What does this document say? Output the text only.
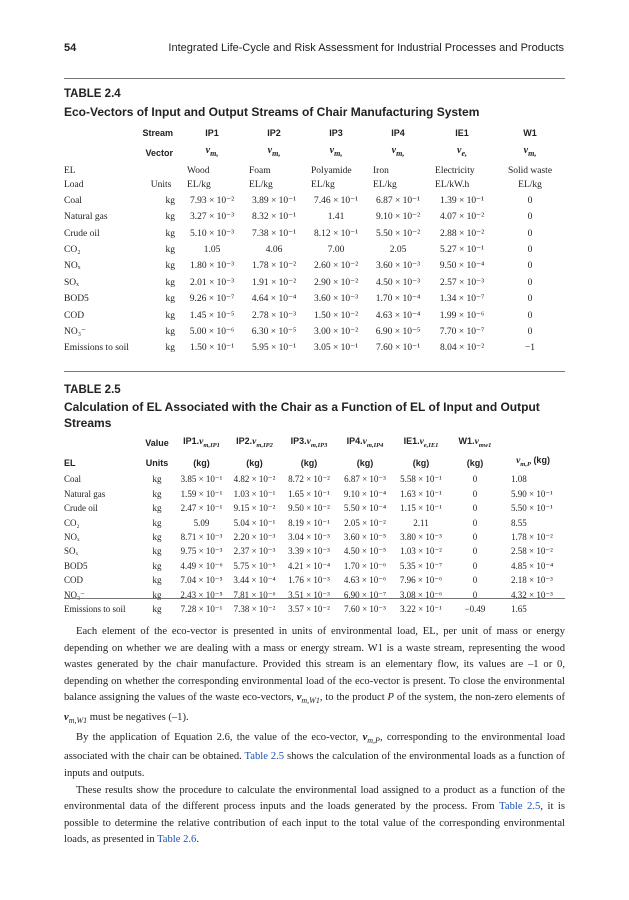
54	Integrated Life-Cycle and Risk Assessment for Industrial Processes and Products
TABLE 2.4
Eco-Vectors of Input and Output Streams of Chair Manufacturing System
Stream		IP1	IP2	IP3	IP4	IE1	W1
Vector		$v_{m,}$	$v_{m,}$	$v_{m,}$	$v_{m,}$	$v_{e,}$	$v_{m,}$
EL		Wood	Foam	Polyamide	Iron	Electricity	Solid waste
Load	Units	EL/kg	EL/kg	EL/kg	EL/kg	EL/kW.h	EL/kg
Coal	kg	7.93 × 10⁻²	3.89 × 10⁻¹	7.46 × 10⁻¹	6.87 × 10⁻¹	1.39 × 10⁻¹	0
Natural gas	kg	3.27 × 10⁻³	8.32 × 10⁻¹	1.41	9.10 × 10⁻²	4.07 × 10⁻²	0
Crude oil	kg	5.10 × 10⁻³	7.38 × 10⁻¹	8.12 × 10⁻¹	5.50 × 10⁻²	2.88 × 10⁻²	0
CO₂	kg	1.05	4.06	7.00	2.05	5.27 × 10⁻¹	0
NOₓ	kg	1.80 × 10⁻³	1.78 × 10⁻²	2.60 × 10⁻²	3.60 × 10⁻³	9.50 × 10⁻⁴	0
SOₓ	kg	2.01 × 10⁻³	1.91 × 10⁻²	2.90 × 10⁻²	4.50 × 10⁻³	2.57 × 10⁻³	0
BOD5	kg	9.26 × 10⁻⁷	4.64 × 10⁻⁴	3.60 × 10⁻³	1.70 × 10⁻⁴	1.34 × 10⁻⁷	0
COD	kg	1.45 × 10⁻⁵	2.78 × 10⁻³	1.50 × 10⁻²	4.63 × 10⁻⁴	1.99 × 10⁻⁶	0
NO₃⁻	kg	5.00 × 10⁻⁶	6.30 × 10⁻⁵	3.00 × 10⁻²	6.90 × 10⁻⁵	7.70 × 10⁻⁷	0
Emissions to soil	kg	1.50 × 10⁻¹	5.95 × 10⁻¹	3.05 × 10⁻¹	7.60 × 10⁻¹	8.04 × 10⁻²	−1
TABLE 2.5
Calculation of EL Associated with the Chair as a Function of EL of Input and Output Streams
	Value	$IP1.v_{m,IP1}$	$IP2.v_{m,IP2}$	$IP3.v_{m,IP3}$	$IP4.v_{m,IP4}$	$IE1.v_{e,IE1}$	$W1.v_{mw1}$	
EL	Units	(kg)	(kg)	(kg)	(kg)	(kg)	(kg)	$v_{m,P}$ (kg)
Coal	kg	3.85 × 10⁻¹	4.82 × 10⁻²	8.72 × 10⁻²	6.87 × 10⁻³	5.58 × 10⁻¹	0	1.08
Natural gas	kg	1.59 × 10⁻¹	1.03 × 10⁻¹	1.65 × 10⁻¹	9.10 × 10⁻⁴	1.63 × 10⁻¹	0	5.90 × 10⁻¹
Crude oil	kg	2.47 × 10⁻¹	9.15 × 10⁻²	9.50 × 10⁻²	5.50 × 10⁻⁴	1.15 × 10⁻¹	0	5.50 × 10⁻¹
CO₂	kg	5.09	5.04 × 10⁻¹	8.19 × 10⁻¹	2.05 × 10⁻²	2.11	0	8.55
NOₓ	kg	8.71 × 10⁻³	2.20 × 10⁻³	3.04 × 10⁻³	3.60 × 10⁻⁵	3.80 × 10⁻³	0	1.78 × 10⁻²
SOₓ	kg	9.75 × 10⁻³	2.37 × 10⁻³	3.39 × 10⁻³	4.50 × 10⁻⁵	1.03 × 10⁻²	0	2.58 × 10⁻²
BOD5	kg	4.49 × 10⁻⁶	5.75 × 10⁻⁵	4.21 × 10⁻⁴	1.70 × 10⁻⁶	5.35 × 10⁻⁷	0	4.85 × 10⁻⁴
COD	kg	7.04 × 10⁻⁵	3.44 × 10⁻⁴	1.76 × 10⁻³	4.63 × 10⁻⁶	7.96 × 10⁻⁶	0	2.18 × 10⁻³
NO₃⁻	kg	2.43 × 10⁻⁵	7.81 × 10⁻⁶	3.51 × 10⁻³	6.90 × 10⁻⁷	3.08 × 10⁻⁶	0	4.32 × 10⁻³
Emissions to soil	kg	7.28 × 10⁻¹	7.38 × 10⁻²	3.57 × 10⁻²	7.60 × 10⁻³	3.22 × 10⁻¹	−0.49	1.65

Each element of the eco-vector is presented in units of environmental load, EL, per unit of mass or energy depending on whether we are dealing with a mass or energy stream. W1 is a waste stream, representing the wood wastes generated by the chair manufacture. Provided this stream is an elementary flow, its values are –1 or 0, depending on whether the corresponding environmental load of the eco-vector is present. To close the environmental balance assigning the values of the waste eco-vectors, $v_{m,W1}$, to the product P of the system, the non-zero elements of $v_{m,W1}$ must be negatives (–1).

By the application of Equation 2.6, the value of the eco-vector, $v_{m,P}$, corresponding to the environmental load associated with the chair can be obtained. Table 2.5 shows the calculation of the environmental loads as a function of inputs and outputs.

These results show the procedure to calculate the environmental load assigned to a product as a function of the environmental data of the different process inputs and the loads generated by the process. From Table 2.5, it is possible to determine the relative contribution of each input to the total value of the corresponding environmental loads, as presented in Table 2.6.
